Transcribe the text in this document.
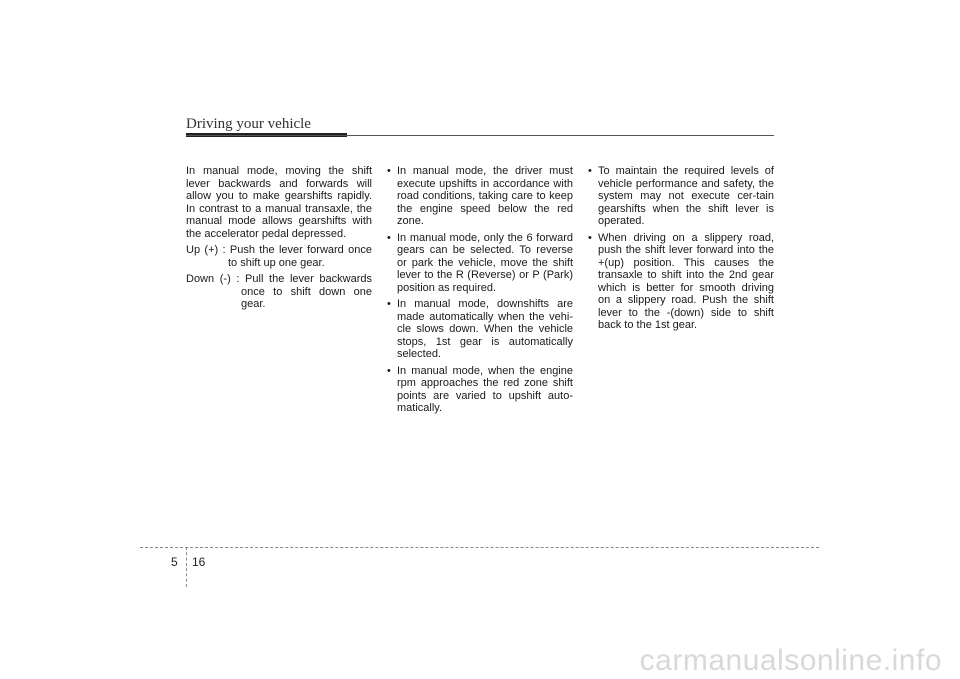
Driving your vehicle

In manual mode, moving the shift lever backwards and forwards will allow you to make gearshifts rapidly. In contrast to a manual transaxle, the manual mode allows gearshifts with the accelerator pedal depressed.

Up (+) : Push the lever forward once to shift up one gear.

Down (-) : Pull the lever backwards once to shift down one gear.

• In manual mode, the driver must execute upshifts in accordance with road conditions, taking care to keep the engine speed below the red zone.
• In manual mode, only the 6 forward gears can be selected. To reverse or park the vehicle, move the shift lever to the R (Reverse) or P (Park) position as required.
• In manual mode, downshifts are made automatically when the vehi-cle slows down. When the vehicle stops, 1st gear is automatically selected.
• In manual mode, when the engine rpm approaches the red zone shift points are varied to upshift auto-matically.
• To maintain the required levels of vehicle performance and safety, the system may not execute cer-tain gearshifts when the shift lever is operated.
• When driving on a slippery road, push the shift lever forward into the +(up) position. This causes the transaxle to shift into the 2nd gear which is better for smooth driving on a slippery road. Push the shift lever to the -(down) side to shift back to the 1st gear.
5 16
carmanualsonline.info
